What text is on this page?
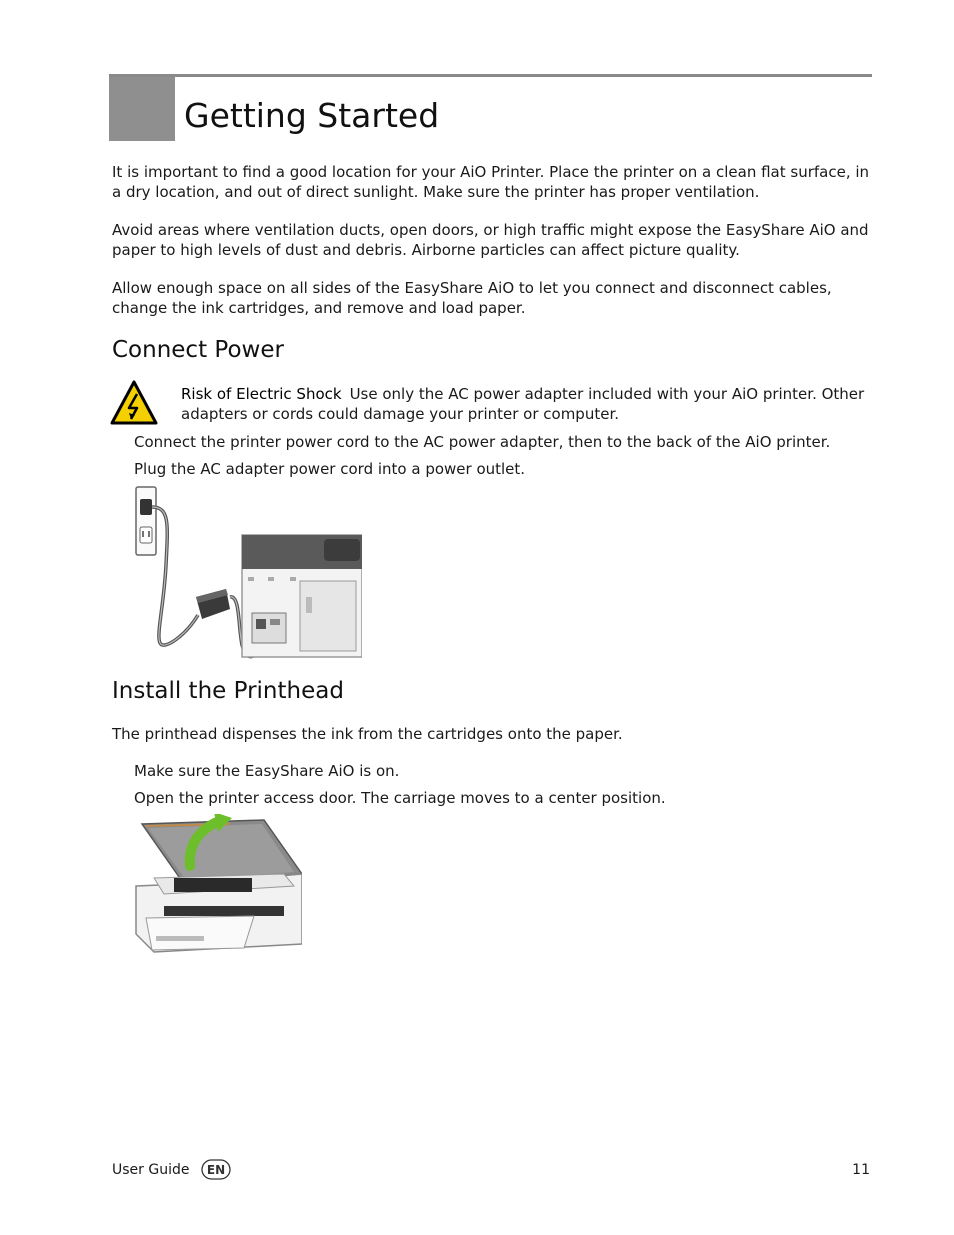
Getting Started

It is important to find a good location for your AiO Printer. Place the printer on a clean flat surface, in a dry location, and out of direct sunlight. Make sure the printer has proper ventilation.

Avoid areas where ventilation ducts, open doors, or high traffic might expose the EasyShare AiO and paper to high levels of dust and debris. Airborne particles can affect picture quality.

Allow enough space on all sides of the EasyShare AiO to let you connect and disconnect cables, change the ink cartridges, and remove and load paper.

Connect Power

Risk of Electric Shock Use only the AC power adapter included with your AiO printer. Other adapters or cords could damage your printer or computer.

Connect the printer power cord to the AC power adapter, then to the back of the AiO printer.

Plug the AC adapter power cord into a power outlet.

Install the Printhead

The printhead dispenses the ink from the cartridges onto the paper.

Make sure the EasyShare AiO is on.

Open the printer access door. The carriage moves to a center position.

User Guide EN	11
